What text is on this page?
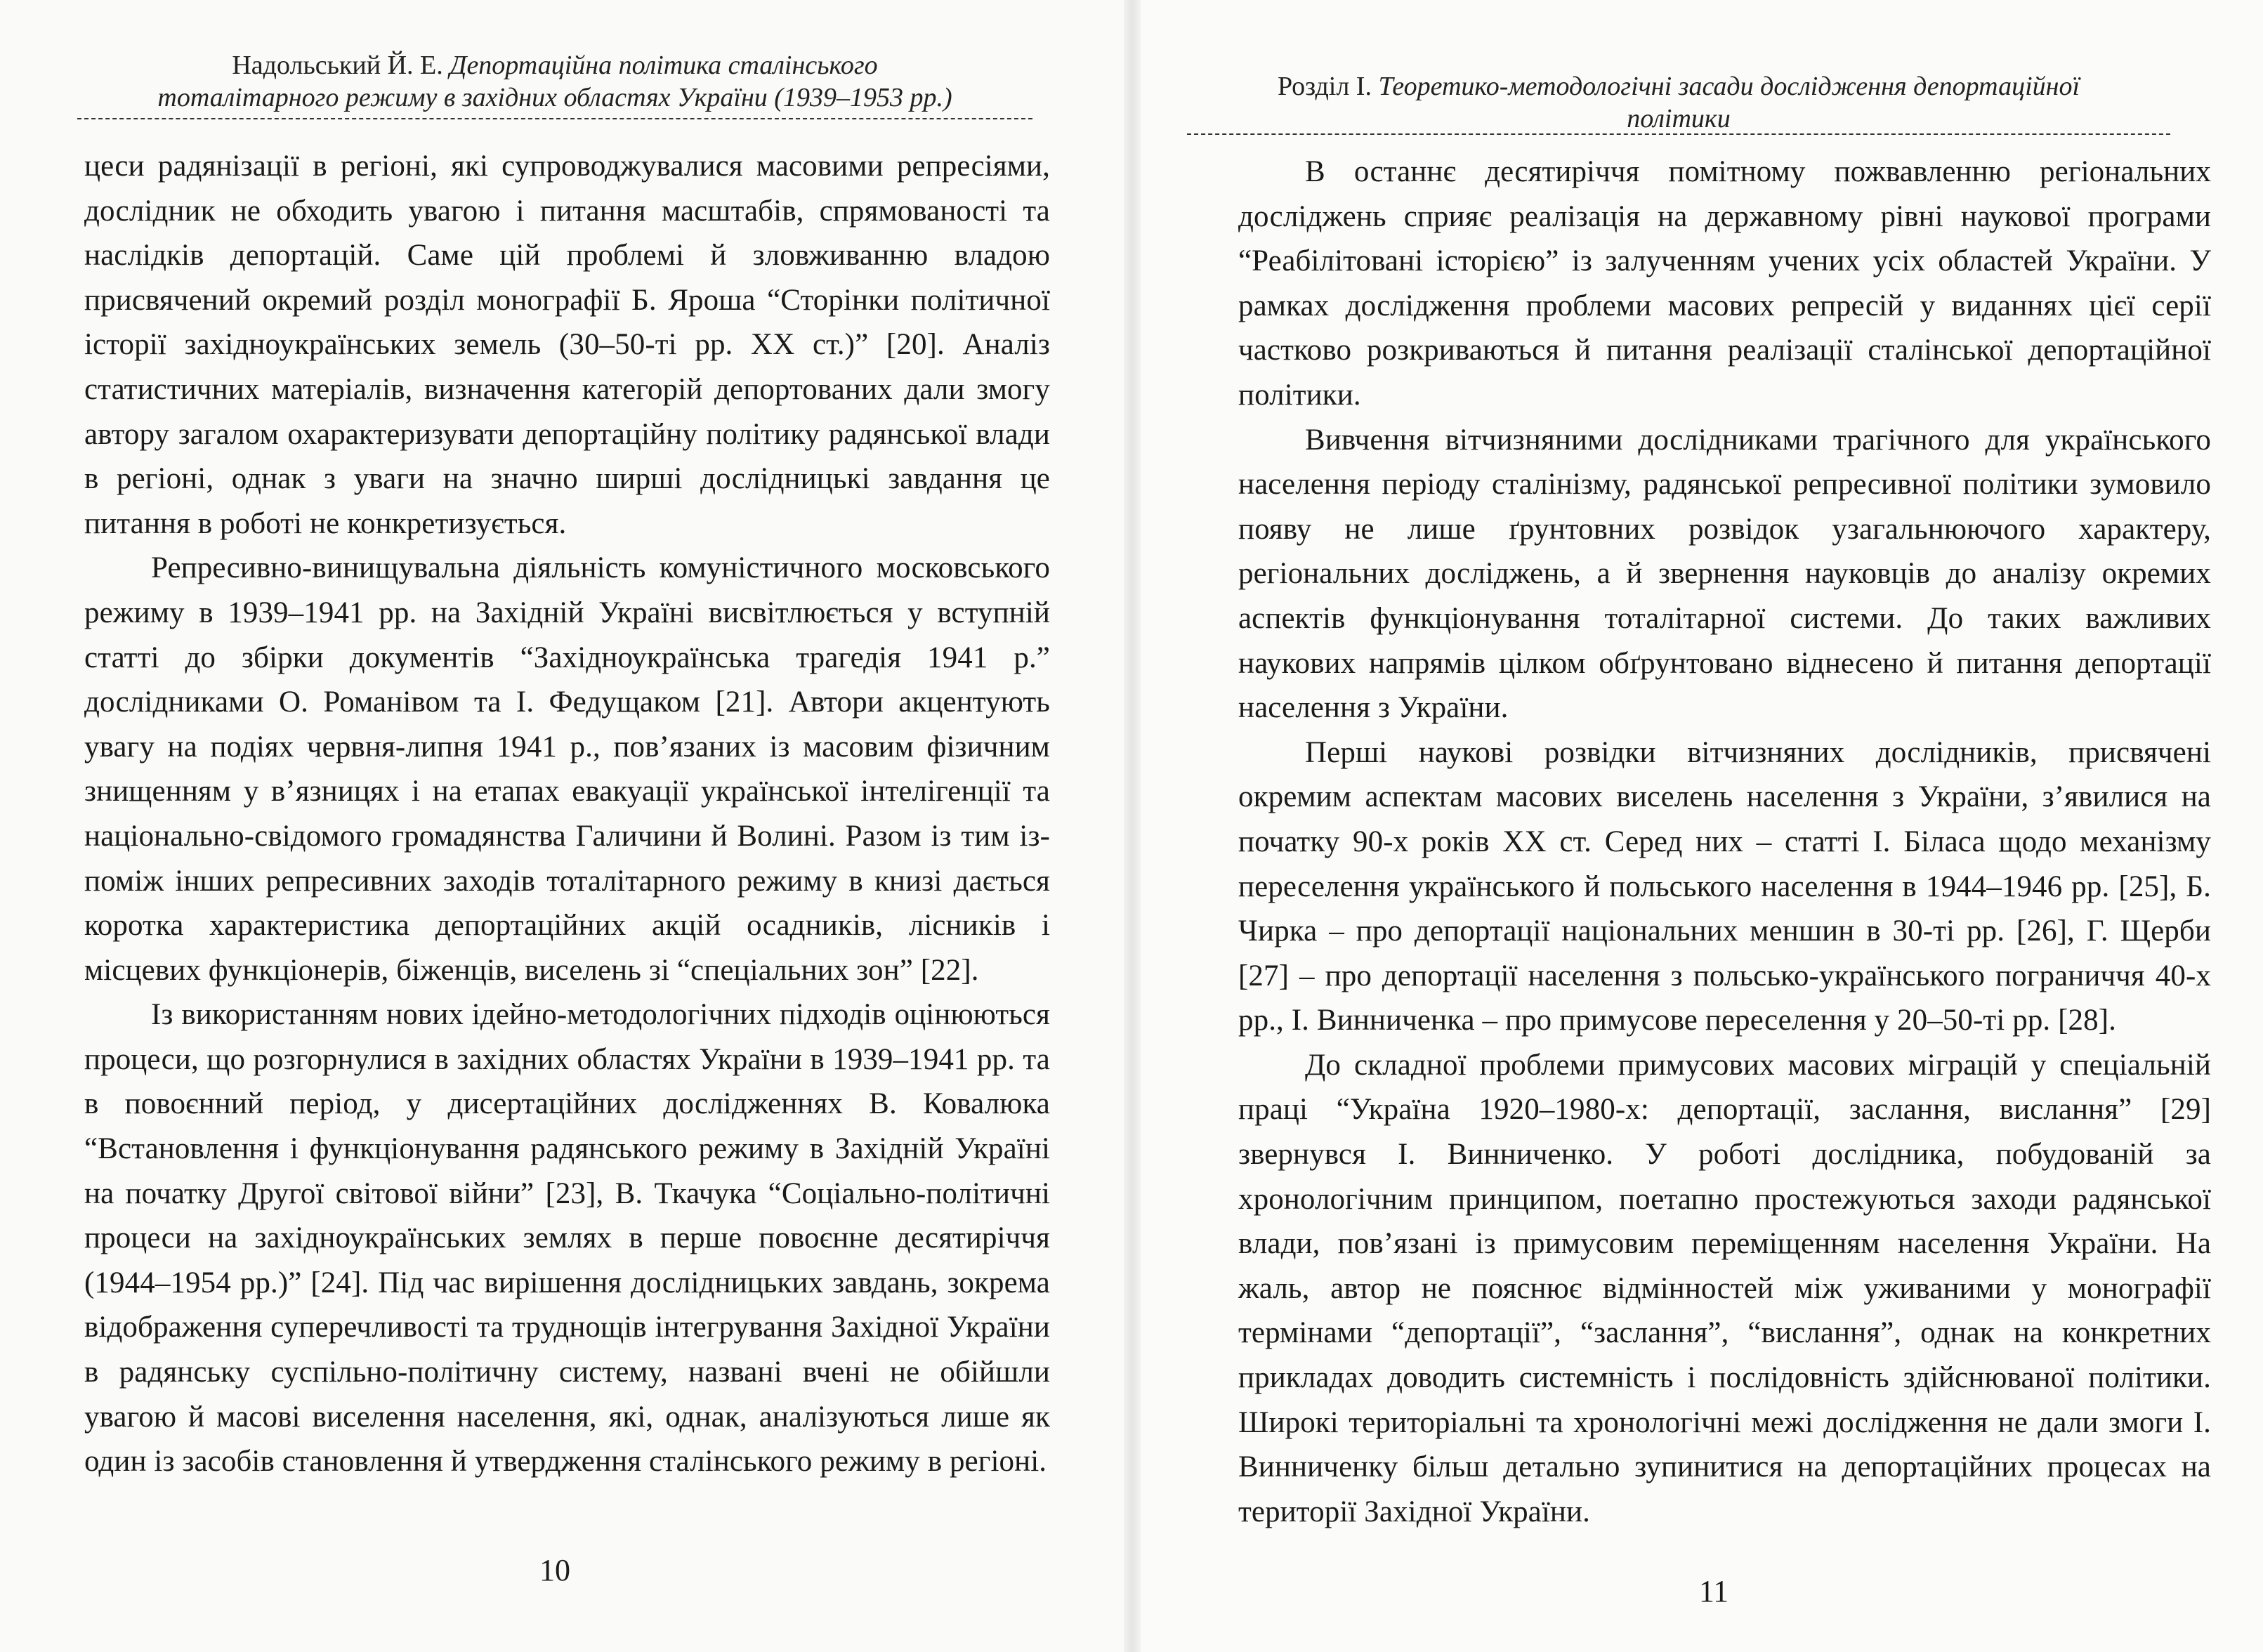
Надольський Й. Е. Депортаційна політика сталінського
тоталітарного режиму в західних областях України (1939–1953 рр.)

цеси радянізації в регіоні, які супроводжувалися масовими репресіями, дослідник не обходить увагою і питання масштабів, спрямованості та наслідків депортацій. Саме цій проблемі й зловживанню владою присвячений окремий розділ монографії Б. Яроша “Сторінки політичної історії західноукраїнських земель (30–50-ті рр. ХХ ст.)” [20]. Аналіз статистичних матеріалів, визначення категорій депортованих дали змогу автору загалом охарактеризувати депортаційну політику радянської влади в регіоні, однак з уваги на значно ширші дослідницькі завдання це питання в роботі не конкретизується.

Репресивно-винищувальна діяльність комуністичного московського режиму в 1939–1941 рр. на Західній Україні висвітлюється у вступній статті до збірки документів “Західноукраїнська трагедія 1941 р.” дослідниками О. Романівом та І. Федущаком [21]. Автори акцентують увагу на подіях червня-липня 1941 р., пов’язаних із масовим фізичним знищенням у в’язницях і на етапах евакуації української інтелігенції та національно-свідомого громадянства Галичини й Волині. Разом із тим із-поміж інших репресивних заходів тоталітарного режиму в книзі дається коротка характеристика депортаційних акцій осадників, лісників і місцевих функціонерів, біженців, виселень зі “спеціальних зон” [22].

Із використанням нових ідейно-методологічних підходів оцінюються процеси, що розгорнулися в західних областях України в 1939–1941 рр. та в повоєнний період, у дисертаційних дослідженнях В. Ковалюка “Встановлення і функціонування радянського режиму в Західній Україні на початку Другої світової війни” [23], В. Ткачука “Соціально-політичні процеси на західноукраїнських землях в перше повоєнне десятиріччя (1944–1954 рр.)” [24]. Під час вирішення дослідницьких завдань, зокрема відображення суперечливості та труднощів інтегрування Західної України в радянську суспільно-політичну систему, названі вчені не обійшли увагою й масові виселення населення, які, однак, аналізуються лише як один із засобів становлення й утвердження сталінського режиму в регіоні.

10
Розділ І. Теоретико-методологічні засади дослідження депортаційної
політики

В останнє десятиріччя помітному пожвавленню регіональних досліджень сприяє реалізація на державному рівні наукової програми “Реабілітовані історією” із залученням учених усіх областей України. У рамках дослідження проблеми масових репресій у виданнях цієї серії частково розкриваються й питання реалізації сталінської депортаційної політики.

Вивчення вітчизняними дослідниками трагічного для українського населення періоду сталінізму, радянської репресивної політики зумовило появу не лише ґрунтовних розвідок узагальнюючого характеру, регіональних досліджень, а й звернення науковців до аналізу окремих аспектів функціонування тоталітарної системи. До таких важливих наукових напрямів цілком обґрунтовано віднесено й питання депортації населення з України.

Перші наукові розвідки вітчизняних дослідників, присвячені окремим аспектам масових виселень населення з України, з’явилися на початку 90-х років ХХ ст. Серед них – статті І. Біласа щодо механізму переселення українського й польського населення в 1944–1946 рр. [25], Б. Чирка – про депортації національних меншин в 30-ті рр. [26], Г. Щерби [27] – про депортації населення з польсько-українського пограниччя 40-х рр., І. Винниченка – про примусове переселення у 20–50-ті рр. [28].

До складної проблеми примусових масових міграцій у спеціальній праці “Україна 1920–1980-х: депортації, заслання, вислання” [29] звернувся І. Винниченко. У роботі дослідника, побудованій за хронологічним принципом, поетапно простежуються заходи радянської влади, пов’язані із примусовим переміщенням населення України. На жаль, автор не пояснює відмінностей між уживаними у монографії термінами “депортації”, “заслання”, “вислання”, однак на конкретних прикладах доводить системність і послідовність здійснюваної політики. Широкі територіальні та хронологічні межі дослідження не дали змоги І. Винниченку більш детально зупинитися на депортаційних процесах на території Західної України.

11
